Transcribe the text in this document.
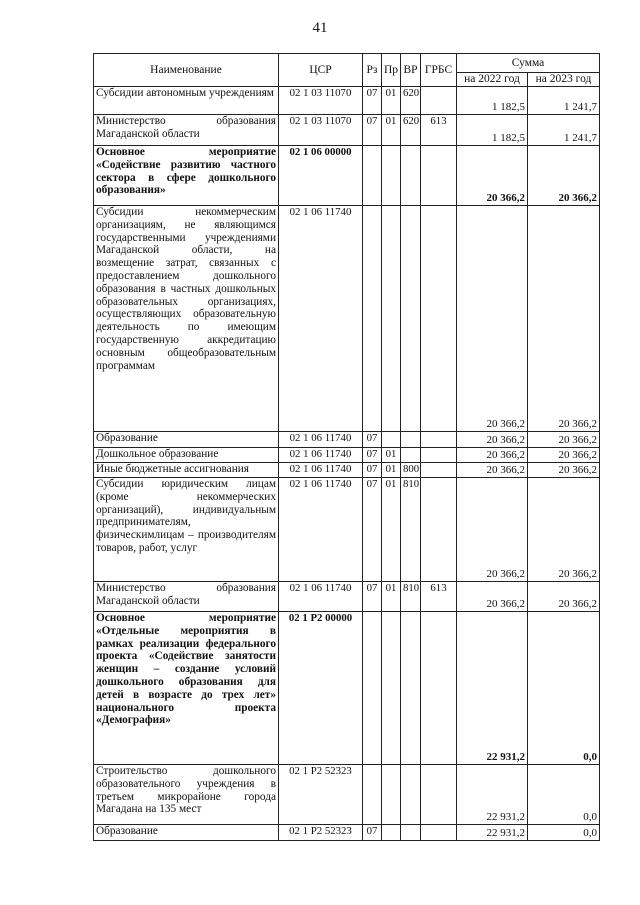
41
Наименование	ЦСР	Рз	Пр	ВР	ГРБС	Сумма	
						на 2022 год	на 2023 год
Субсидии автономным учреждениям	02 1 03 11070	07	01	620		1 182,5	1 241,7
Министерство образования Магаданской области	02 1 03 11070	07	01	620	613	1 182,5	1 241,7
Основное мероприятие «Содействие развитию частного сектора в сфере дошкольного образования»	02 1 06 00000					20 366,2	20 366,2
Субсидии некоммерческим организациям, не являющимся государственными учреждениями Магаданской области, на возмещение затрат, связанных с предоставлением дошкольного образования в частных дошкольных образовательных организациях, осуществляющих образовательную деятельность по имеющим государственную аккредитацию основным общеобразовательным программам	02 1 06 11740					20 366,2	20 366,2
Образование	02 1 06 11740	07				20 366,2	20 366,2
Дошкольное образование	02 1 06 11740	07	01			20 366,2	20 366,2
Иные бюджетные ассигнования	02 1 06 11740	07	01	800		20 366,2	20 366,2
Субсидии юридическим лицам (кроме некоммерческих организаций), индивидуальным предпринимателям, физическимлицам – производителям товаров, работ, услуг	02 1 06 11740	07	01	810		20 366,2	20 366,2
Министерство образования Магаданской области	02 1 06 11740	07	01	810	613	20 366,2	20 366,2
Основное мероприятие «Отдельные мероприятия в рамках реализации федерального проекта «Содействие занятости женщин – создание условий дошкольного образования для детей в возрасте до трех лет» национального проекта «Демография»	02 1 P2 00000					22 931,2	0,0
Строительство дошкольного образовательного учреждения в третьем микрорайоне города Магадана на 135 мест	02 1 P2 52323					22 931,2	0,0
Образование	02 1 P2 52323	07				22 931,2	0,0
